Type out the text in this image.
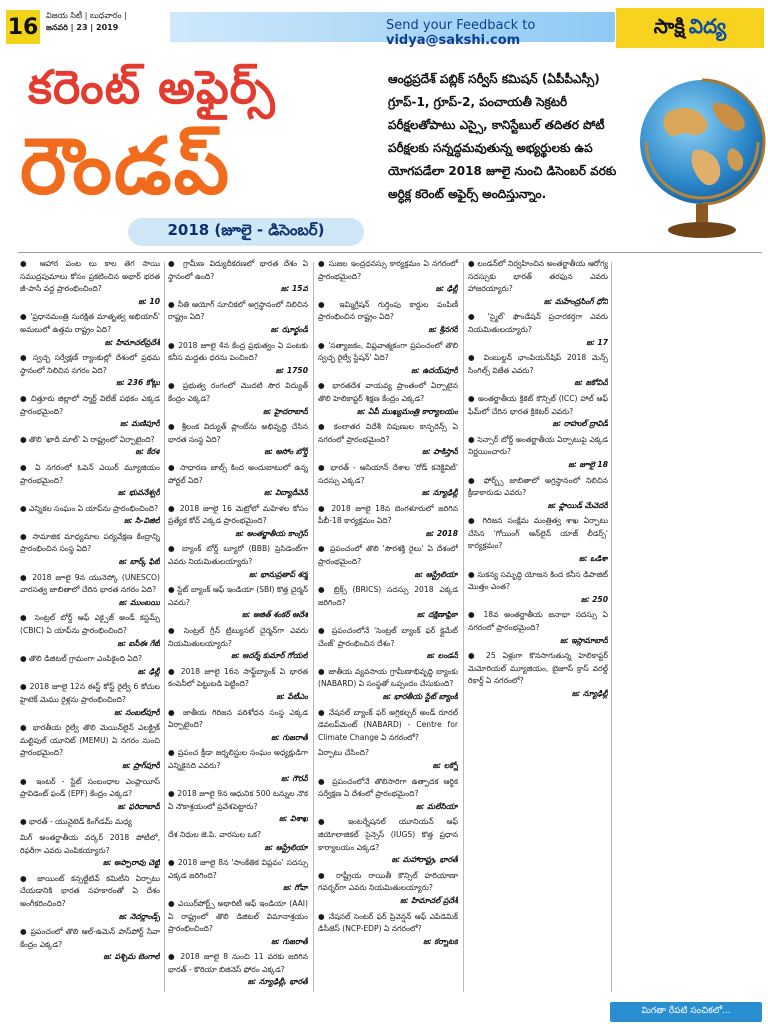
16 విజయ సిటీ | బుధవారం |
జనవరి | 23 | 2019	Send your Feedback to vidya@sakshi.com
సాక్షి విద్య
కరెంట్ అఫైర్స్
రౌండప్
2018 (జూలై - డిసెంబర్)
ఆంధ్రప్రదేశ్ పబ్లిక్ సర్వీస్ కమిషన్ (ఏపీపీఎస్సీ) గ్రూప్-1, గ్రూప్-2, పంచాయతీ సెక్రటరీ పరీక్షలతోపాటు ఎస్సై, కానిస్టేబుల్ తదితర పోటీ పరీక్షలకు సన్నద్ధమవుతున్న అభ్యర్థులకు ఉప యోగపడేలా 2018 జూలై నుంచి డిసెంబర్ వరకు అర్ధిక్ల కరెంట్ అఫైర్స్ అందిస్తున్నాం.

● ఆహార పంట లు కాల తెగ సాయి సముద్రపుమాలు కోసం ప్రకటించిన అభార్ భరత జీ-పాసే వద్ద ప్రారంభించింది?
జ: 10

● 'ప్రధానమంత్రి సురక్షిత మాతృత్వ అభియాన్' అమలులో ఉత్తమ రాష్ట్రం ఏది?
జ: హిమాచల్‌ప్రదేశ్

● స్వచ్ఛ సర్వేక్షణ్ ర్యాంకుల్లో దేశంలో ప్రథమ స్థానంలో నిలిచిన నగరం ఏది?
జ: 236 కోట్లు

● చిత్తూరు జిల్లాలో స్మార్ట్ విలేజ్ పథకం ఎక్కడ ప్రారంభమైంది?
జ: మణిపూర్

● తొలి 'ఖాదీ మాల్' ఏ రాష్ట్రంలో ఏర్పాటైంది?
జ: కేరళ

● ఏ నగరంలో ఓపెన్ ఎయిర్ మ్యూజియం ప్రారంభమైంది?
జ: భువనేశ్వర్

● ఎన్నికల సంఘం ఏ యాప్‌ను ప్రారంభించింది?
జ: సి-విజిల్

● సామాజిక మాధ్యమాల పర్యవేక్షణ కేంద్రాన్ని ప్రారంభించిన సంస్థ ఏది?
జ: బార్క్ ఫిట్

● 2018 జూలై 9న యునెస్కో (UNESCO) వారసత్వ జాబితాలో చేరిన భారత నగరం ఏది?
జ: ముంబయి

● సెంట్రల్ బోర్డ్ ఆఫ్ ఎక్సైజ్ అండ్ కస్టమ్స్ (CBIC) ఏ యాప్‌ను ప్రారంభించింది?
జ: ఐసీఈ గేట్

● తొలి డిజిటల్ గ్రామంగా ఎంపికైంది ఏది?
జ: ఢిల్లీ

● 2018 జూలై 12న ఈస్ట్ కోస్ట్ రైల్వే 6 కోచుల హైటెక్ మెము రైళ్లను ప్రారంభించింది?
జ: సంబల్‌పూర్

● భారతీయ రైల్వే తొలి మెయిన్‌లైన్ ఎలక్ట్రిక్ మల్టిపుల్ యూనిట్ (MEMU) ఏ నగరం నుంచి ప్రారంభమైంది?
జ: ప్రాగ్‌పూర్

● ఇంటర్ - స్టేట్ సంబంధాల ఎంప్లాయీస్ ప్రావిడెంట్ ఫండ్ (EPF) కేంద్రం ఎక్కడ?
జ: ఫరిదాబాద్

● భారత్ - యునైటెడ్ కింగ్‌డమ్ మధ్య

మిగ్ అంతర్జాతీయ వర్కర్ 2018 పోటీలో, రిఫరీగా ఎవరు ఎంపికయ్యారు?
జ: అప్పారావు చెట్టి

● జాయింట్ కన్సల్టేటివ్ కమిటీని ఏర్పాటు చేయడానికి భారత సహకారంతో ఏ దేశం అంగీకరించింది?
జ: నెదర్లాండ్స్

● ప్రపంచంలో తొలి ఆల్-ఉమెన్ పాస్‌పోర్ట్ సేవా కేంద్రం ఎక్కడ?
జ: పశ్చిమ బెంగాల్

● గ్రామీణ విద్యుదీకరణలో భారత దేశం ఏ స్థానంలో ఉంది?
జ: 15వ

● నీతి ఆయోగ్ సూచికలో అగ్రస్థానంలో నిలిచిన రాష్ట్రం ఏది?
జ: ఝార్ఖండ్

● 2018 జూలై 4న కేంద్ర ప్రభుత్వం ఏ పంటకు కనీస మద్దతు ధరను పెంచింది?
జ: 1750

● ప్రభుత్వ రంగంలో మొదటి సౌర విద్యుత్ కేంద్రం ఎక్కడ?
జ: హైదరాబాద్

● శ్రీలంక విద్యుత్ ప్లాంట్‌ను అభివృద్ధి చేసిన భారత సంస్థ ఏది?
జ: అసోం బోర్డ్

● సాధారణ జాబ్స్ కింద అందుబాటులో ఉన్న పోర్టల్ ఏది?
జ: విద్యాదీవెన్

● 2018 జూలై 16 మెట్రోలో మహిళల కోసం ప్రత్యేక కోచ్ ఎక్కడ ప్రారంభమైంది?
జ: అంతర్జాతీయ కాంగ్రెస్

● బ్యాంక్ బోర్డ్ బ్యూరో (BBB) ప్రెసిడెంట్‌గా ఎవరు నియమితులయ్యారు?
జ: భానుప్రతాప్ శర్మ

● స్టేట్ బ్యాంక్ ఆఫ్ ఇండియా (SBI) కొత్త చైర్మన్ ఎవరు?
జ: అజిత్ శంకర్ ఆదేశ

● సెంట్రల్ గ్రీన్ ట్రిబ్యునల్ చైర్మన్‌గా ఎవరు నియమితులయ్యారు?
జ: ఆదర్శ్ కుమార్ గోయల్

● 2018 జూలై 16న సాఫ్ట్‌బ్యాంక్ ఏ భారత కంపెనీలో పెట్టుబడి పెట్టింది?
జ: పేటీఎం

● జాతీయ గిరిజన పరిశోధన సంస్థ ఎక్కడ ఏర్పాటైంది?
జ: గుజరాత్

● ప్రపంచ క్రీడా జర్నలిస్టుల సంఘం అధ్యక్షుడిగా ఎన్నికైనది ఎవరు?
జ: గౌరవ్

● 2018 జూలై 9న ఆధునిక 500 టన్నుల నౌక ఏ నౌకాశ్రయంలో ప్రవేశపెట్టారు?
జ: విశాఖ

దేశ నిధుల జె.పి. వారసుల ఒక?
జ: ఆస్ట్రేలియా

● 2018 జూలై 8న 'సాంకేతిక విప్లవం' సదస్సు ఎక్కడ జరిగింది?
జ: గోవా

● ఎయిర్‌పోర్ట్స్ అథారిటీ ఆఫ్ ఇండియా (AAI) ఏ రాష్ట్రంలో తొలి డిజిటల్ విమానాశ్రయం ప్రారంభించింది?
జ: గుజరాత్

● 2018 జూలై 8 నుంచి 11 వరకు జరిగిన భారత్ - కొరియా బిజినెస్ ఫోరం ఎక్కడ?
జ: న్యూఢిల్లీ, భారత్

● సుజల ఇంద్రధనస్సు కార్యక్రమం ఏ నగరంలో ప్రారంభమైంది?
జ: ఢిల్లీ

● ఇమ్మిగ్రేషన్ గుర్తింపు కార్డుల పంపిణీ ప్రారంభించిన రాష్ట్రం ఏది?
జ: శ్రీనగర్

● 'సత్యాజకం, విప్లవాత్మకంగా ప్రపంచంలో తొలి స్వచ్ఛ రైల్వే స్టేషన్' ఏది?
జ: ఉదయ్‌పూర్

● భారతదేశ వాయవ్య ప్రాంతంలో ఏర్పాటైన తొలి హెలికాప్టర్ శిక్షణ కేంద్రం ఎక్కడ?
జ: ఏపీ ముఖ్యమంత్రి కార్యాలయం

● కంలాతర విదేశీ నిపుణుల కాన్ఫరెన్స్ ఏ నగరంలో ప్రారంభమైంది?
జ: పాకిస్తాన్

● భారత్ - ఆసియాన్ దేశాల 'రోడ్ కనెక్టివిటీ' సదస్సు ఎక్కడ?
జ: న్యూఢిల్లీ

● 2018 జూలై 18న బెంగళూరులో జరిగిన పీబీ-18 కార్యక్రమం ఏది?
జ: 2018

● ప్రపంచంలో తొలి 'సౌరశక్తి రైలు' ఏ దేశంలో ప్రారంభమైంది?
జ: ఆస్ట్రేలియా

● బ్రిక్స్ (BRICS) సదస్సు 2018 ఎక్కడ జరిగింది?
జ: దక్షిణాఫ్రికా

● ప్రపంచంలోనే 'సెంట్రల్ బ్యాంక్ ఫర్ క్లైమేట్ చేంజ్' ప్రారంభించిన దేశం?
జ: లండన్

● జాతీయ వ్యవసాయ గ్రామీణాభివృద్ధి బ్యాంకు (NABARD) ఏ సంస్థతో ఒప్పందం చేసుకుంది?
జ: భారతీయ స్టేట్ బ్యాంక్

● నేషనల్ బ్యాంక్ ఫర్ అగ్రికల్చర్ అండ్ రూరల్ డెవలప్‌మెంట్ (NABARD) - Centre for Climate Change ఏ నగరంలో?

ఏర్పాటు చేసింది?
జ: లక్నో

● ప్రపంచంలోనే తొలిసారిగా ఉత్పాదక ఆర్థిక సర్వేక్షణ ఏ దేశంలో ప్రారంభమైంది?
జ: మలేసియా

● ఇంటర్నేషనల్ యూనియన్ ఆఫ్ జియోలాజికల్ సైన్సెస్ (IUGS) కొత్త ప్రధాన కార్యాలయం ఎక్కడ?
జ: మహారాష్ట్ర, భారత్

● రాష్ట్రీయ రాయితీ కౌన్సిల్ హరియాణా గవర్నర్‌గా ఎవరు నియమితులయ్యారు?
జ: హిమాచల్ ప్రదేశ్

● నేషనల్ సెంటర్ ఫర్ ప్రివెన్షన్ ఆఫ్ ఎపిడెమిక్ డిసీజెస్ (NCP-EDP) ఏ నగరంలో?
జ: కర్నాటక

● లండన్‌లో నిర్వహించిన అంతర్జాతీయ ఆరోగ్య సదస్సుకు భారత్ తరఫున ఎవరు హాజరయ్యారు?
జ: మహేంద్రసింగ్ ధోని

● 'స్మైల్' ఫౌండేషన్ ప్రచారకర్తగా ఎవరు నియమితులయ్యారు?
జ: 17

● వింబుల్డన్ ఛాంపియన్‌షిప్ 2018 మెన్స్ సింగిల్స్ విజేత ఎవరు?
జ: జకోవిచ్

● అంతర్జాతీయ క్రికెట్ కౌన్సిల్ (ICC) హాల్ ఆఫ్ ఫేమ్‌లో చేరిన భారత క్రికెటర్ ఎవరు?
జ: రాహుల్ ద్రావిడ్

● సెన్సార్ బోర్డ్ అంతర్జాతీయ ఏర్పాటుపై ఎక్కడ నిర్ణయించారు?
జ: జూలై 18

● ఫోర్బ్స్ జాబితాలో అగ్రస్థానంలో నిలిచిన క్రీడాకారుడు ఎవరు?
జ: ఫ్లాయిడ్ మేవెదర్

● గిరిజన సంక్షేమ మంత్రిత్వ శాఖ ఏర్పాటు చేసిన 'గోయింగ్ ఆన్‌లైన్ యాజ్ లీడర్స్' కార్యక్రమం?
జ: ఒడిశా

● సుకన్య సమృద్ధి యోజన కింద కనీస డిపాజిట్ మొత్తం ఎంత?
జ: 250

● 18వ అంతర్జాతీయ జనాభా సదస్సు ఏ నగరంలో ప్రారంభమైంది?
జ: ఇస్లామాబాద్

● 25 ఏళ్లుగా కొనసాగుతున్న హెలికాప్టర్ మెమోరియల్ మ్యూజియం, బైజూస్ క్రాస్ వరల్డ్ రికార్డ్ ఏ నగరంలో?
జ: న్యూఢిల్లీ

మిగతా రేపటి సంచికలో...
